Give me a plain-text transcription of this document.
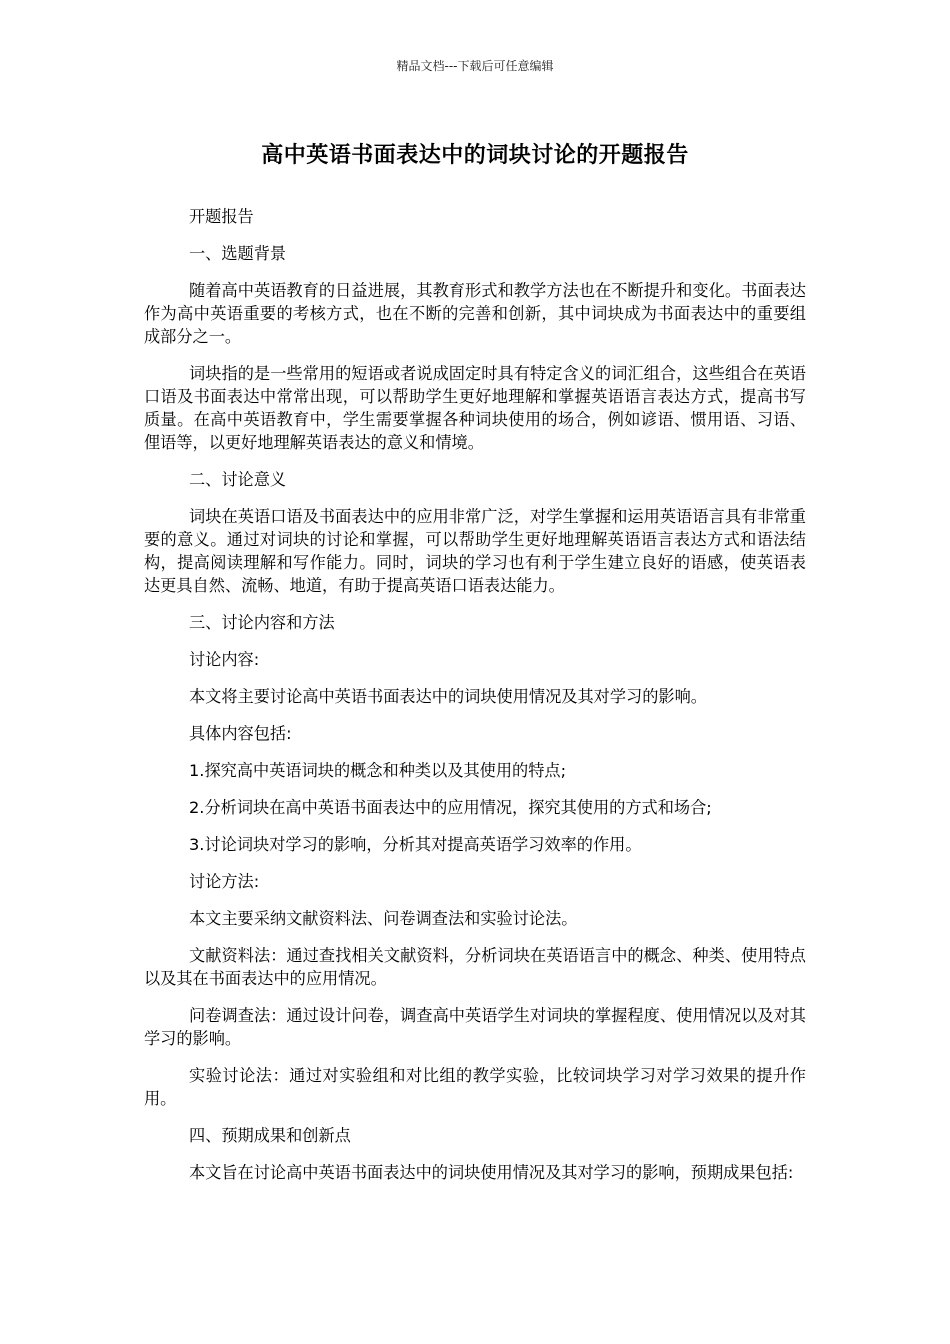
精品文档---下载后可任意编辑
高中英语书面表达中的词块讨论的开题报告

开题报告

一、选题背景

随着高中英语教育的日益进展，其教育形式和教学方法也在不断提升和变化。书面表达作为高中英语重要的考核方式，也在不断的完善和创新，其中词块成为书面表达中的重要组成部分之一。

词块指的是一些常用的短语或者说成固定时具有特定含义的词汇组合，这些组合在英语口语及书面表达中常常出现，可以帮助学生更好地理解和掌握英语语言表达方式，提高书写质量。在高中英语教育中，学生需要掌握各种词块使用的场合，例如谚语、惯用语、习语、俚语等，以更好地理解英语表达的意义和情境。

二、讨论意义

词块在英语口语及书面表达中的应用非常广泛，对学生掌握和运用英语语言具有非常重要的意义。通过对词块的讨论和掌握，可以帮助学生更好地理解英语语言表达方式和语法结构，提高阅读理解和写作能力。同时，词块的学习也有利于学生建立良好的语感，使英语表达更具自然、流畅、地道，有助于提高英语口语表达能力。

三、讨论内容和方法

讨论内容:

本文将主要讨论高中英语书面表达中的词块使用情况及其对学习的影响。

具体内容包括:

1.探究高中英语词块的概念和种类以及其使用的特点;

2.分析词块在高中英语书面表达中的应用情况，探究其使用的方式和场合;

3.讨论词块对学习的影响，分析其对提高英语学习效率的作用。

讨论方法:

本文主要采纳文献资料法、问卷调查法和实验讨论法。

文献资料法：通过查找相关文献资料，分析词块在英语语言中的概念、种类、使用特点以及其在书面表达中的应用情况。

问卷调查法：通过设计问卷，调查高中英语学生对词块的掌握程度、使用情况以及对其学习的影响。

实验讨论法：通过对实验组和对比组的教学实验，比较词块学习对学习效果的提升作用。

四、预期成果和创新点

本文旨在讨论高中英语书面表达中的词块使用情况及其对学习的影响，预期成果包括:
